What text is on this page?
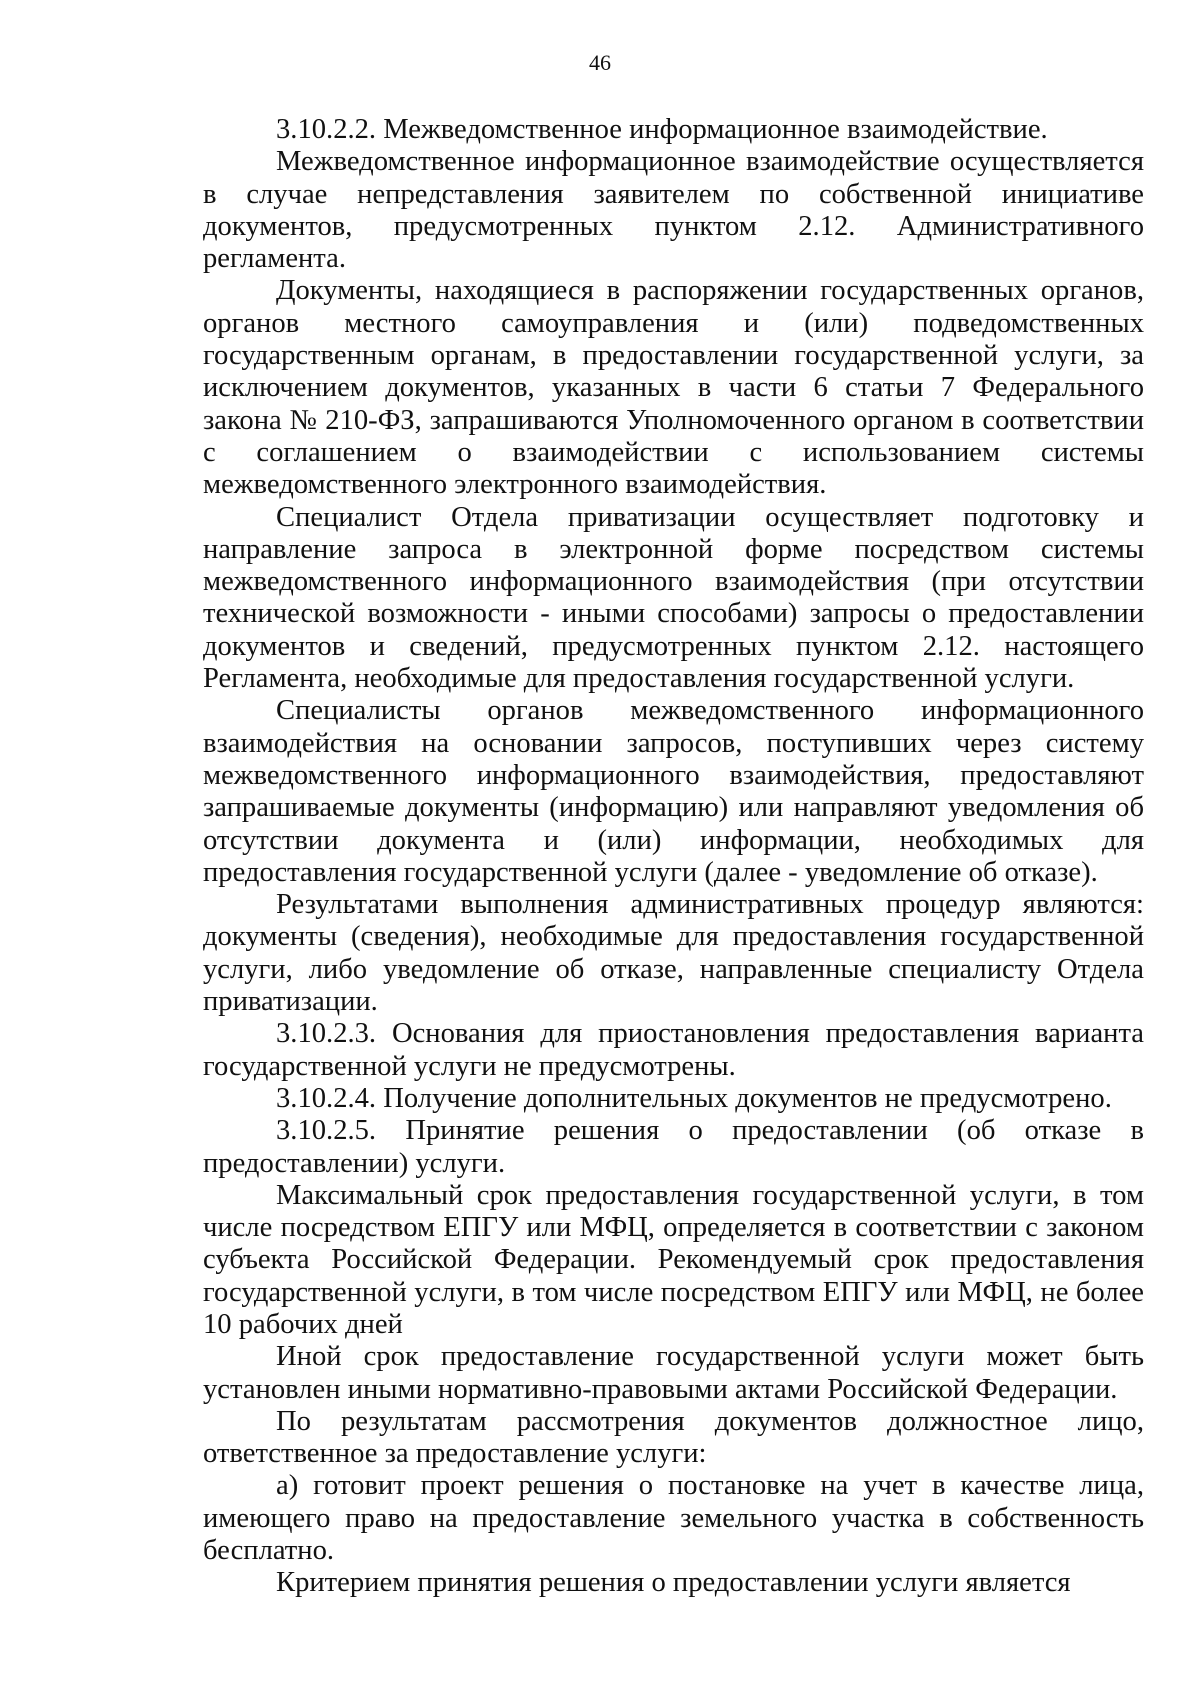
46

3.10.2.2. Межведомственное информационное взаимодействие.

Межведомственное информационное взаимодействие осуществляется в случае непредставления заявителем по собственной инициативе документов, предусмотренных пунктом 2.12. Административного регламента.

Документы, находящиеся в распоряжении государственных органов, органов местного самоуправления и (или) подведомственных государственным органам, в предоставлении государственной услуги, за исключением документов, указанных в части 6 статьи 7 Федерального закона № 210-ФЗ, запрашиваются Уполномоченного органом в соответствии с соглашением о взаимодействии с использованием системы межведомственного электронного взаимодействия.

Специалист Отдела приватизации осуществляет подготовку и направление запроса в электронной форме посредством системы межведомственного информационного взаимодействия (при отсутствии технической возможности - иными способами) запросы о предоставлении документов и сведений, предусмотренных пунктом 2.12. настоящего Регламента, необходимые для предоставления государственной услуги.

Специалисты органов межведомственного информационного взаимодействия на основании запросов, поступивших через систему межведомственного информационного взаимодействия, предоставляют запрашиваемые документы (информацию) или направляют уведомления об отсутствии документа и (или) информации, необходимых для предоставления государственной услуги (далее - уведомление об отказе).

Результатами выполнения административных процедур являются: документы (сведения), необходимые для предоставления государственной услуги, либо уведомление об отказе, направленные специалисту Отдела приватизации.

3.10.2.3. Основания для приостановления предоставления варианта государственной услуги не предусмотрены.

3.10.2.4. Получение дополнительных документов не предусмотрено.

3.10.2.5. Принятие решения о предоставлении (об отказе в предоставлении) услуги.

Максимальный срок предоставления государственной услуги, в том числе посредством ЕПГУ или МФЦ, определяется в соответствии с законом субъекта Российской Федерации. Рекомендуемый срок предоставления государственной услуги, в том числе посредством ЕПГУ или МФЦ, не более 10 рабочих дней

Иной срок предоставление государственной услуги может быть установлен иными нормативно-правовыми актами Российской Федерации.

По результатам рассмотрения документов должностное лицо, ответственное за предоставление услуги:

а) готовит проект решения о постановке на учет в качестве лица, имеющего право на предоставление земельного участка в собственность бесплатно.

Критерием принятия решения о предоставлении услуги является
